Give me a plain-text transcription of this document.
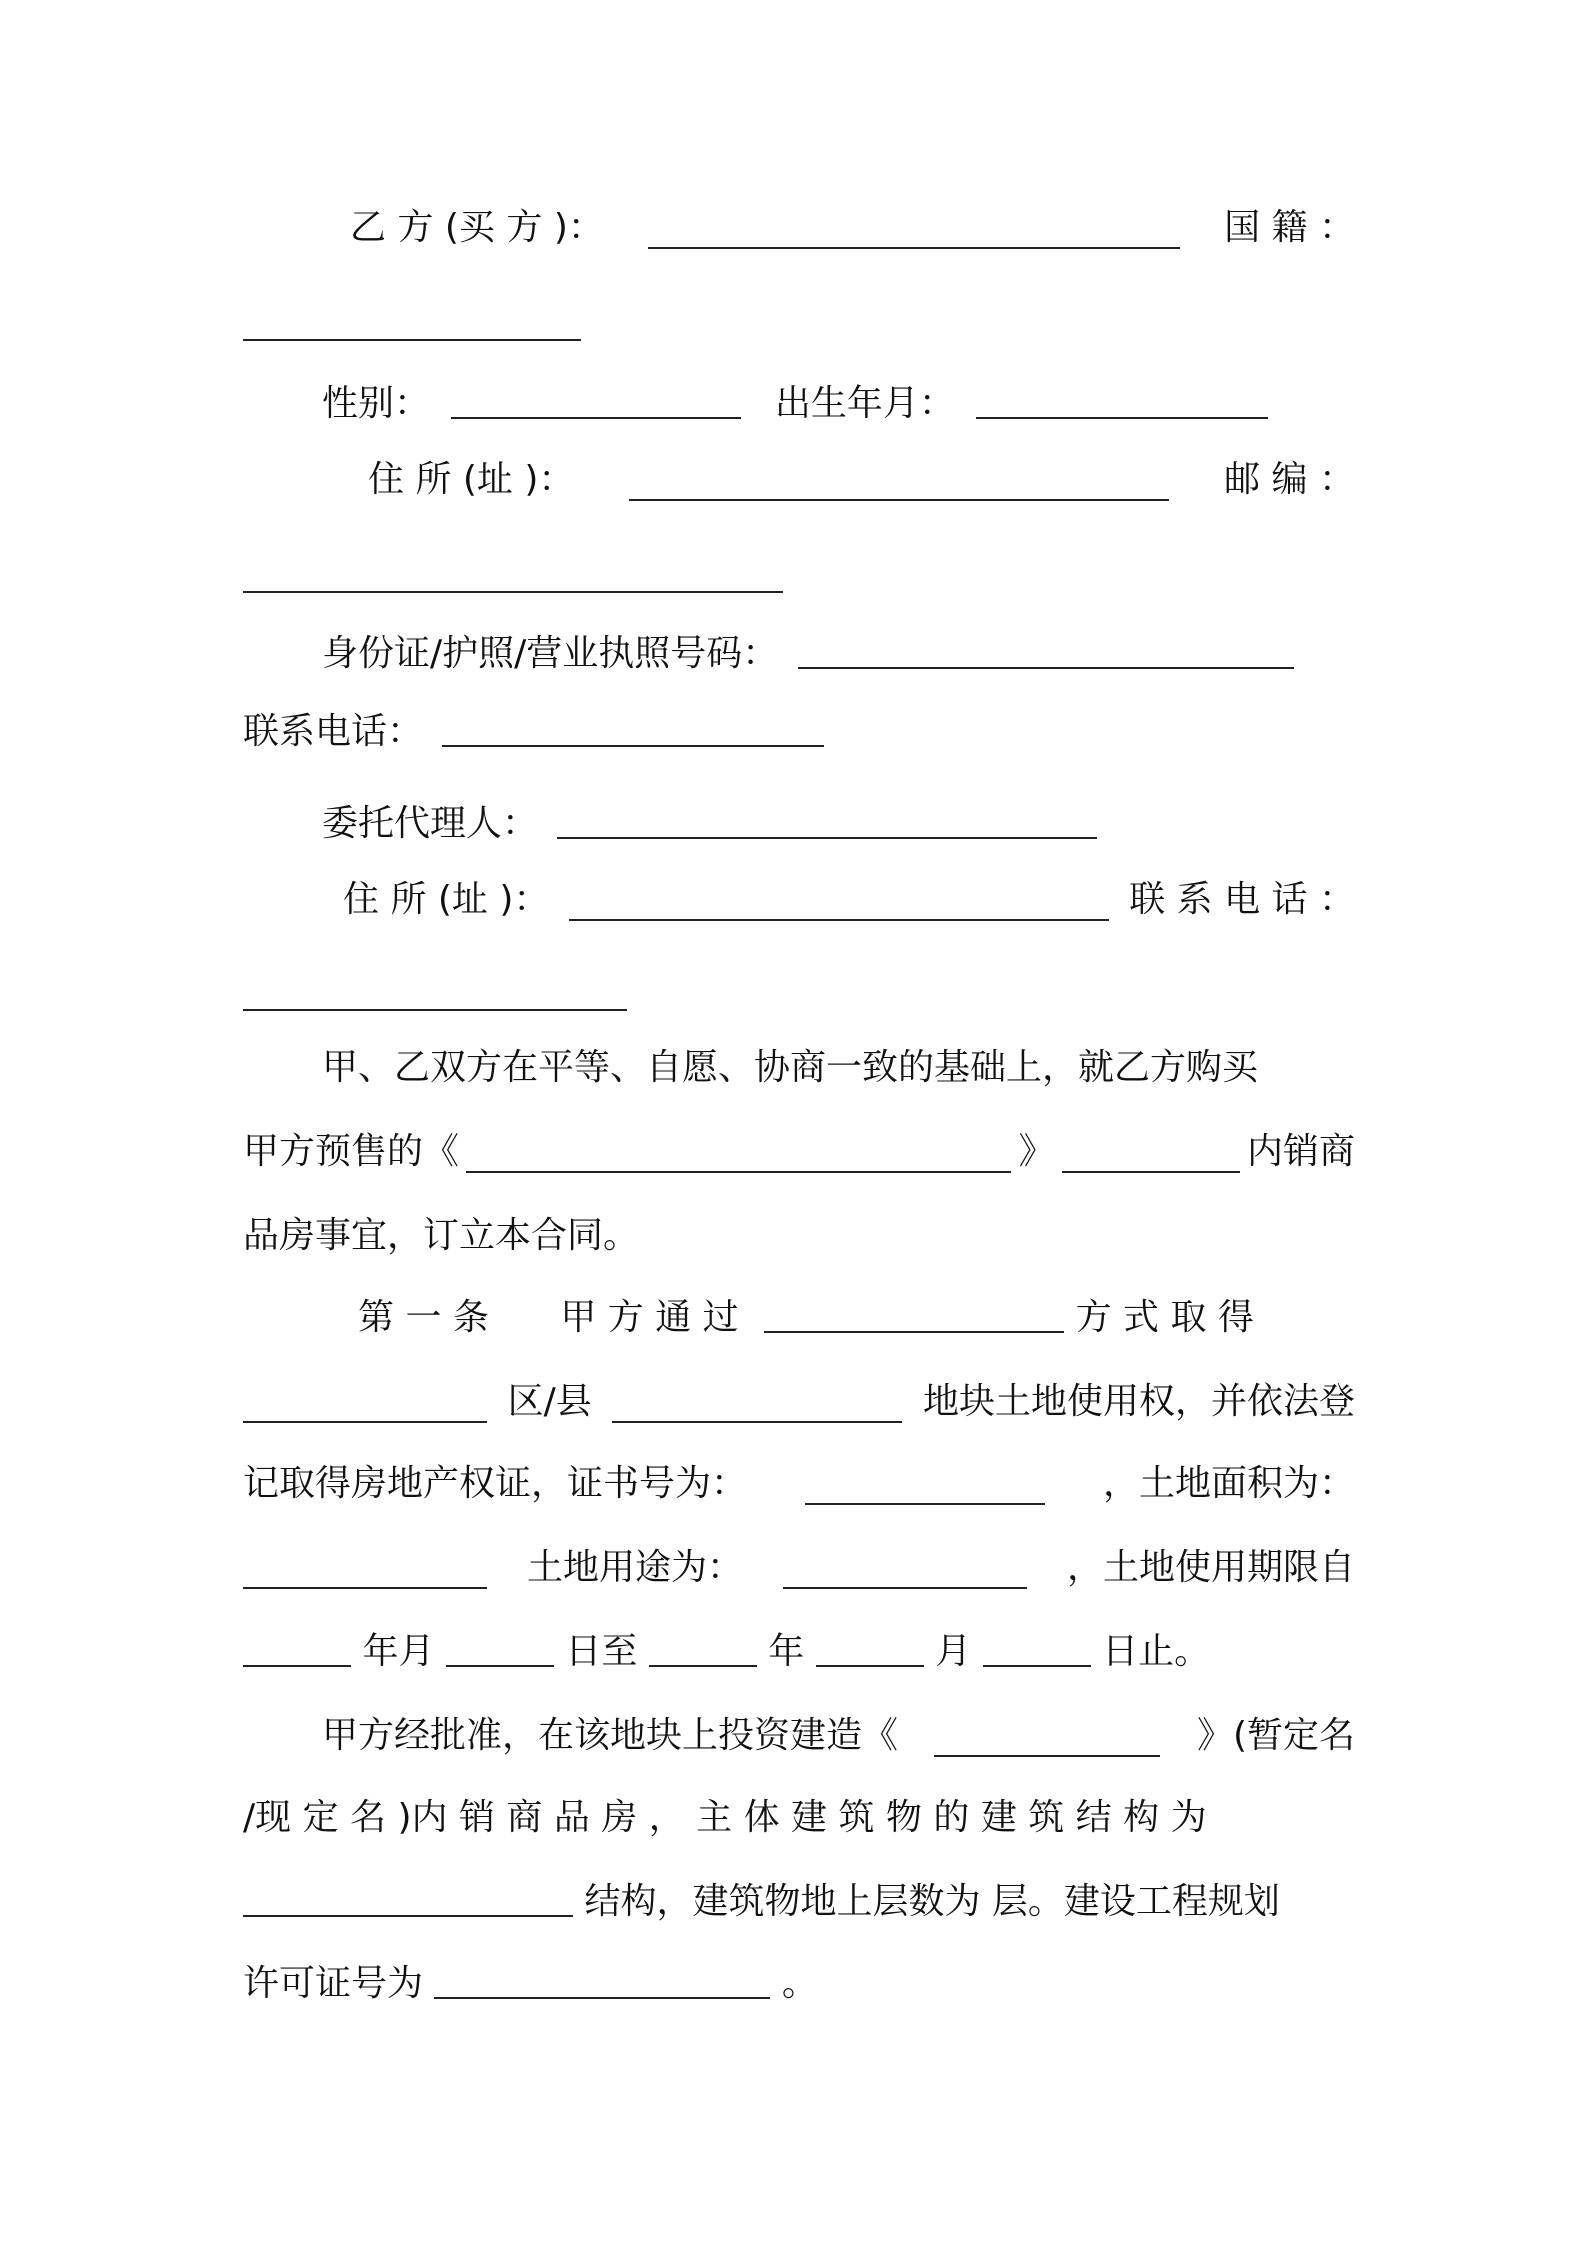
乙 方 (买 方 )：	国 籍 ：
性别：	出生年月：
住 所 (址 )：	邮 编 ：
身份证/护照/营业执照号码：
联系电话：
委托代理人：
住 所 (址 )：	联 系 电 话 ：
甲、乙双方在平等、自愿、协商一致的基础上，就乙方购买
甲方预售的《	》	内销商
品房事宜，订立本合同。
第 一 条 甲 方 通 过	方 式 取 得
区/县	地块土地使用权，并依法登
记取得房地产权证，证书号为：	，土地面积为：
土地用途为：	，土地使用期限自
年月	日至	年	月	日止。
甲方经批准，在该地块上投资建造《	》(暂定名
/现 定 名 )内 销 商 品 房 ， 主 体 建 筑 物 的 建 筑 结 构 为
结构，建筑物地上层数为 层。建设工程规划
许可证号为	。
